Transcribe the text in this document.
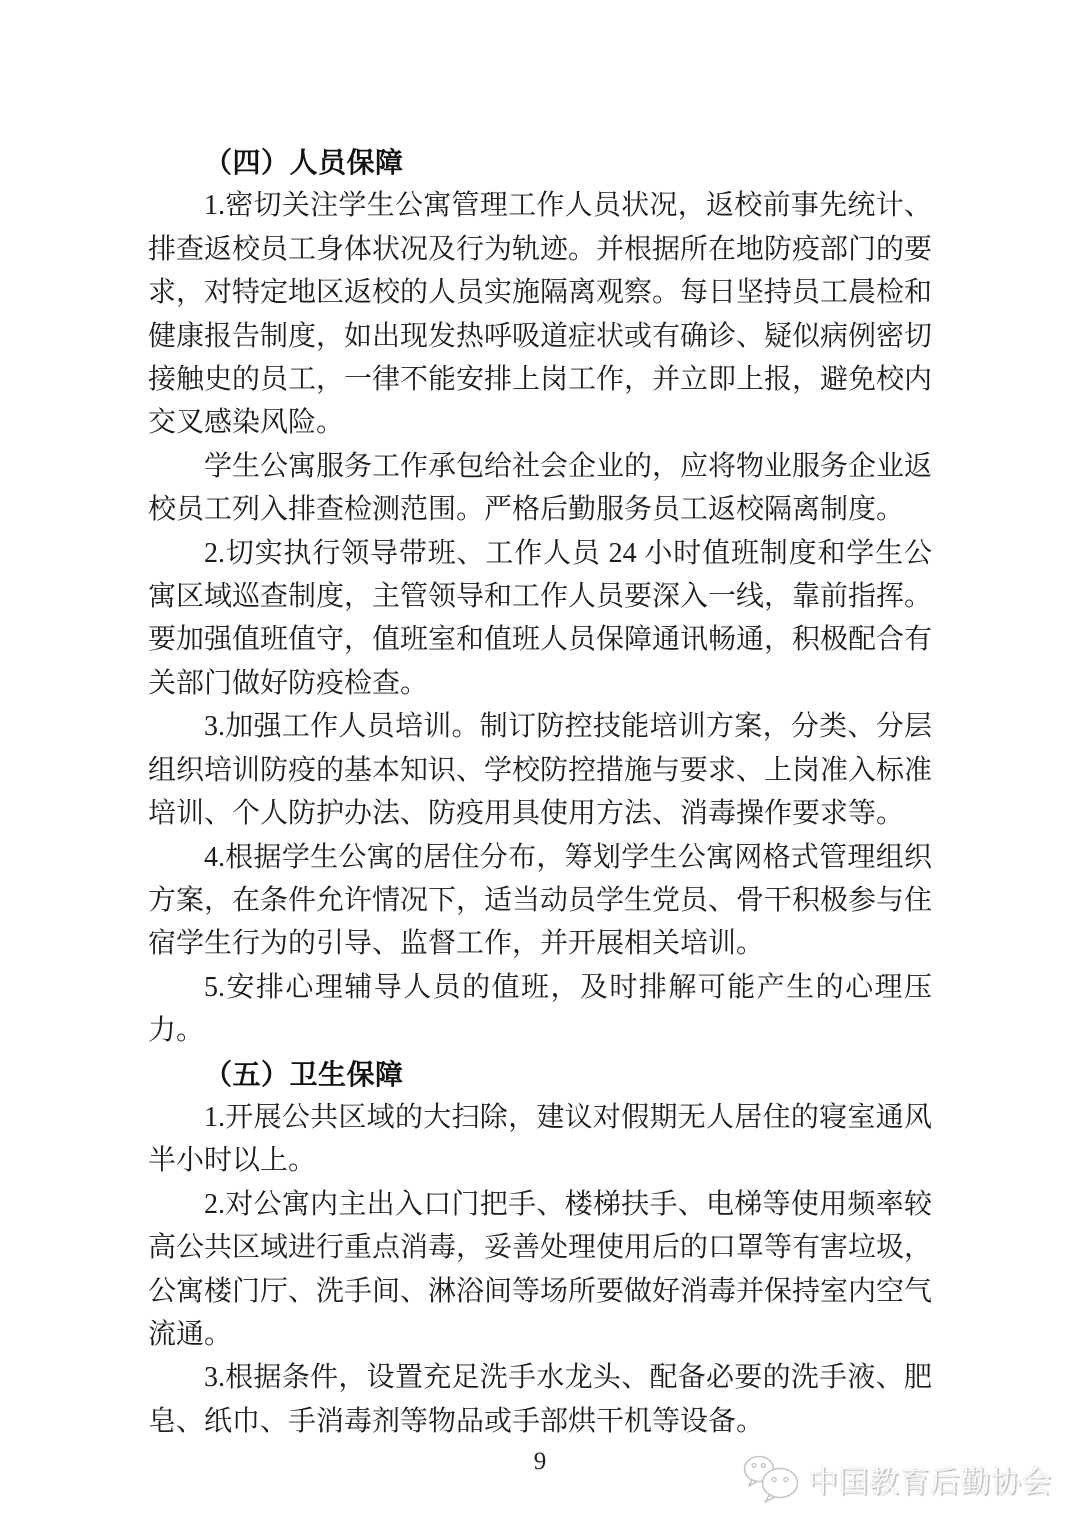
（四）人员保障

1.密切关注学生公寓管理工作人员状况，返校前事先统计、排查返校员工身体状况及行为轨迹。并根据所在地防疫部门的要求，对特定地区返校的人员实施隔离观察。每日坚持员工晨检和健康报告制度，如出现发热呼吸道症状或有确诊、疑似病例密切接触史的员工，一律不能安排上岗工作，并立即上报，避免校内交叉感染风险。

学生公寓服务工作承包给社会企业的，应将物业服务企业返校员工列入排查检测范围。严格后勤服务员工返校隔离制度。

2.切实执行领导带班、工作人员 24 小时值班制度和学生公寓区域巡查制度，主管领导和工作人员要深入一线，靠前指挥。要加强值班值守，值班室和值班人员保障通讯畅通，积极配合有关部门做好防疫检查。

3.加强工作人员培训。制订防控技能培训方案，分类、分层组织培训防疫的基本知识、学校防控措施与要求、上岗准入标准培训、个人防护办法、防疫用具使用方法、消毒操作要求等。

4.根据学生公寓的居住分布，筹划学生公寓网格式管理组织方案，在条件允许情况下，适当动员学生党员、骨干积极参与住宿学生行为的引导、监督工作，并开展相关培训。

5.安排心理辅导人员的值班，及时排解可能产生的心理压力。

（五）卫生保障

1.开展公共区域的大扫除，建议对假期无人居住的寝室通风半小时以上。

2.对公寓内主出入口门把手、楼梯扶手、电梯等使用频率较高公共区域进行重点消毒，妥善处理使用后的口罩等有害垃圾，公寓楼门厅、洗手间、淋浴间等场所要做好消毒并保持室内空气流通。

3.根据条件，设置充足洗手水龙头、配备必要的洗手液、肥皂、纸巾、手消毒剂等物品或手部烘干机等设备。

9
中国教育后勤协会
